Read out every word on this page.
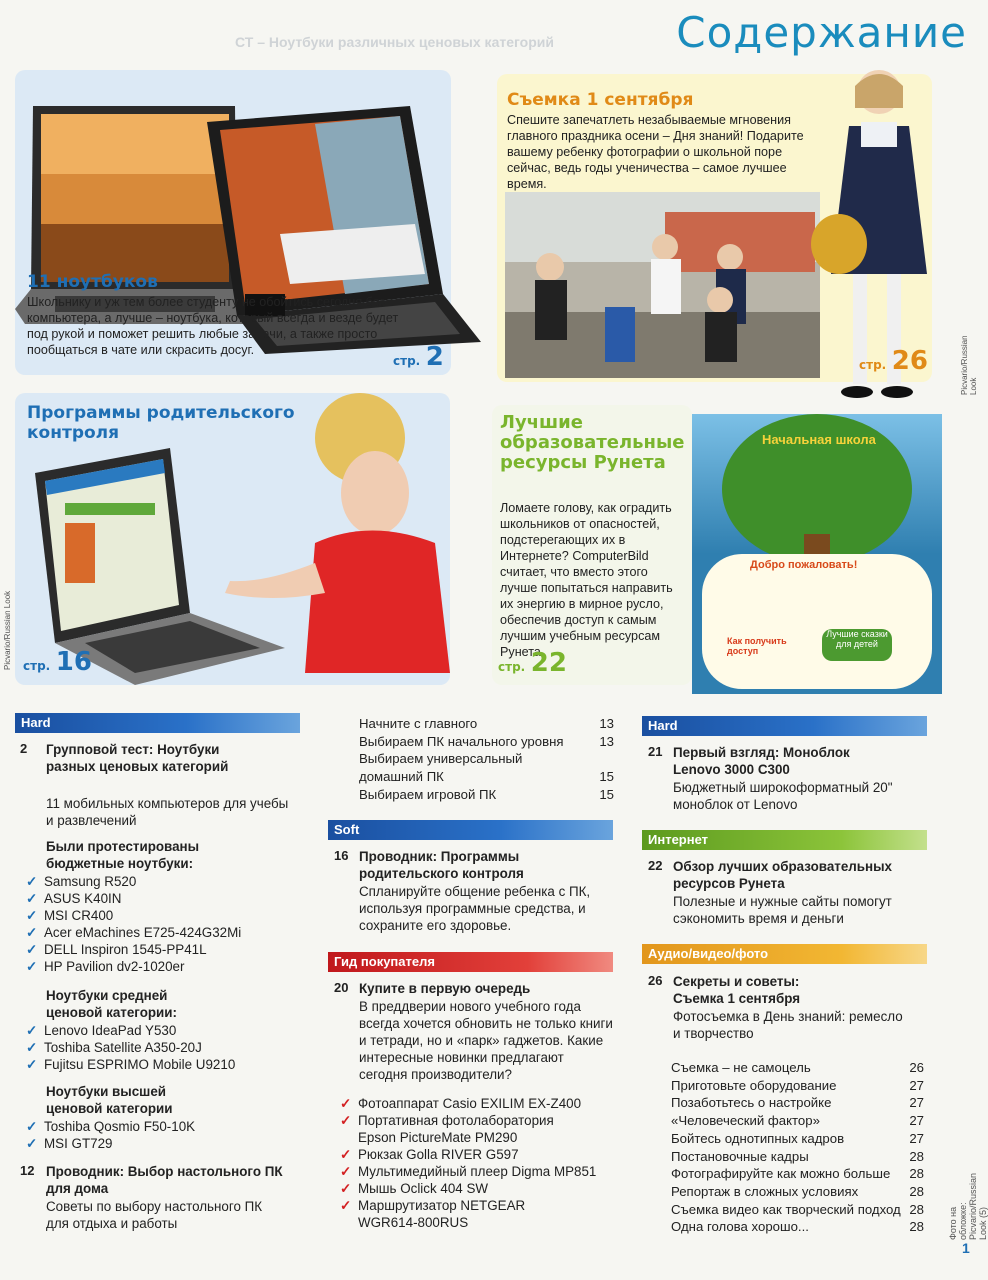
СТ – Ноутбуки различных ценовых категорий	Содержание
11 ноутбуков
Школьнику и уж тем более студенту не обойтись сегодня без компьютера, а лучше – ноутбука, который всегда и везде будет под рукой и поможет решить любые задачи, а также просто пообщаться в чате или скрасить досуг.
стр. 2
Съемка 1 сентября
Спешите запечатлеть незабываемые мгновения главного праздника осени – Дня знаний! Подарите вашему ребенку фотографии о школьной поре сейчас, ведь годы ученичества – самое лучшее время.
стр. 26	Picvario/Russian Look
Программы родительского контроля
стр. 16
Picvario/Russian Look
Лучшие образовательные ресурсы Рунета
Ломаете голову, как оградить школьников от опасностей, подстерегающих их в Интернете? ComputerBild считает, что вместо этого лучше попытаться направить их энергию в мирное русло, обеспечив доступ к самым лучшим учебным ресурсам Рунета.
стр. 22
Начальная школа
Добро пожаловать!
Как получить доступ
Лучшие сказки для детей
Hard
2 Групповой тест: Ноутбуки разных ценовых категорий
11 мобильных компьютеров для учебы и развлечений
Были протестированы бюджетные ноутбуки:
✓ Samsung R520
✓ ASUS K40IN
✓ MSI CR400
✓ Acer eMachines E725-424G32Mi
✓ DELL Inspiron 1545-PP41L
✓ HP Pavilion dv2-1020er
Ноутбуки средней ценовой категории:
✓ Lenovo IdeaPad Y530
✓ Toshiba Satellite A350-20J
✓ Fujitsu ESPRIMO Mobile U9210
Ноутбуки высшей ценовой категории
✓ Toshiba Qosmio F50-10K
✓ MSI GT729
12 Проводник: Выбор настольного ПК для дома
Советы по выбору настольного ПК для отдыха и работы
Начните с главного	13
Выбираем ПК начального уровня	13
Выбираем универсальный домашний ПК	15
Выбираем игровой ПК	15
Soft
16 Проводник: Программы родительского контроля
Спланируйте общение ребенка с ПК, используя программные средства, и сохраните его здоровье.
Гид покупателя
20 Купите в первую очередь
В преддверии нового учебного года всегда хочется обновить не только книги и тетради, но и «парк» гаджетов. Какие интересные новинки предлагают сегодня производители?
✓ Фотоаппарат Casio EXILIM EX-Z400
✓ Портативная фотолаборатория Epson PictureMate PM290
✓ Рюкзак Golla RIVER G597
✓ Мультимедийный плеер Digma MP851
✓ Мышь Oclick 404 SW
✓ Маршрутизатор NETGEAR WGR614-800RUS
Hard
21 Первый взгляд: Моноблок Lenovo 3000 C300
Бюджетный широкоформатный 20" моноблок от Lenovo
Интернет
22 Обзор лучших образовательных ресурсов Рунета
Полезные и нужные сайты помогут сэкономить время и деньги
Аудио/видео/фото
26 Секреты и советы: Съемка 1 сентября
Фотосъемка в День знаний: ремесло и творчество
Съемка – не самоцель	26
Приготовьте оборудование	27
Позаботьтесь о настройке	27
«Человеческий фактор»	27
Бойтесь однотипных кадров	27
Постановочные кадры	28
Фотографируйте как можно больше 28
Репортаж в сложных условиях	28
Съемка видео как творческий подход 28
Одна голова хорошо...	28	Фото на обложке: Picvario/Russian Look (5)
1
